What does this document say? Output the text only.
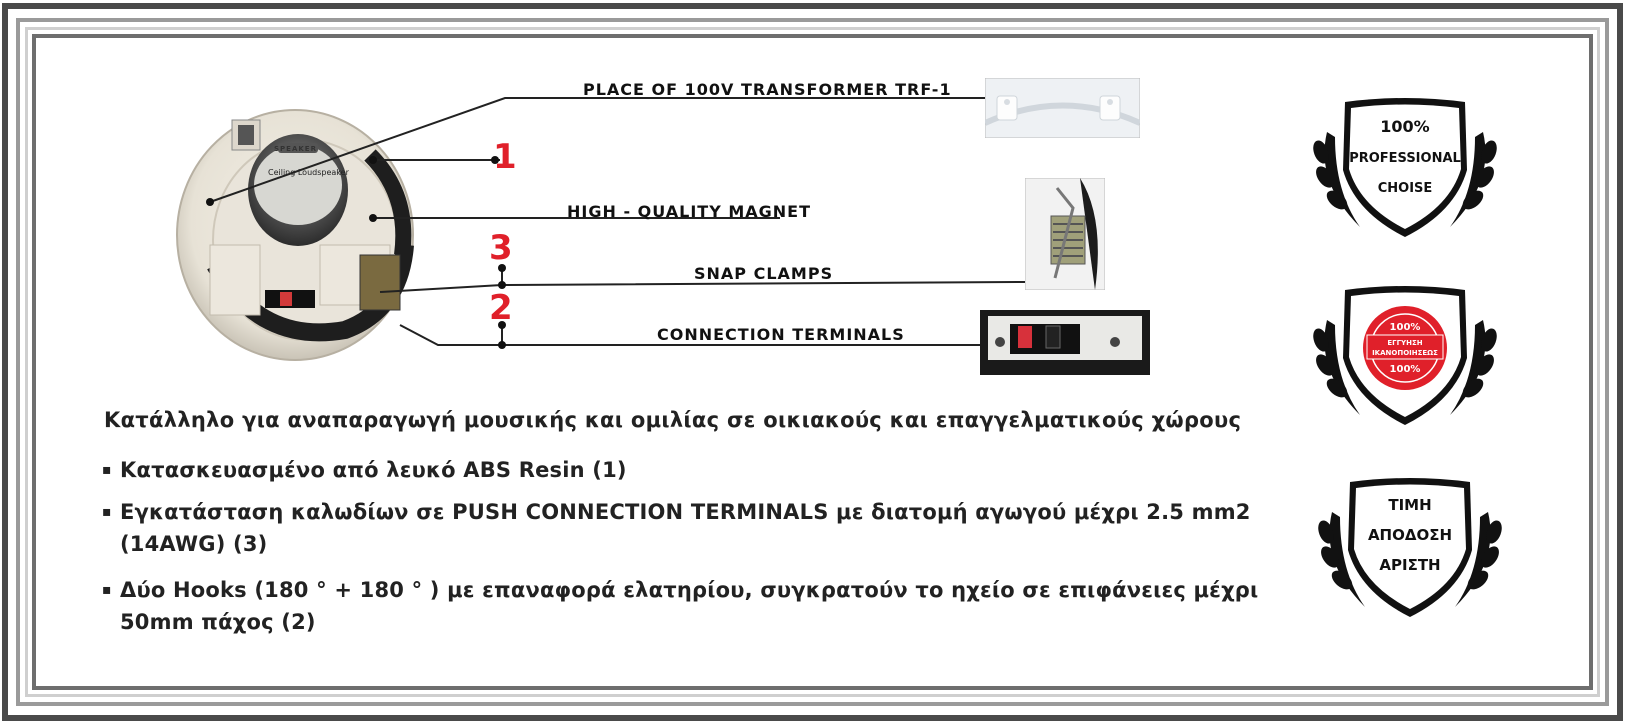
SPEAKER
Ceiling Loudspeaker
PLACE OF 100V TRANSFORMER TRF-1
HIGH - QUALITY MAGNET
SNAP CLAMPS
CONNECTION TERMINALS
1
3
2
Κατάλληλο για αναπαραγωγή μουσικής και ομιλίας σε οικιακούς και επαγγελματικούς χώρους
▪ Κατασκευασμένο από λευκό ABS Resin (1)
▪ Εγκατάσταση καλωδίων σε PUSH CONNECTION TERMINALS με διατομή αγωγού μέχρι 2.5 mm2 (14AWG) (3)
▪ Δύο Hooks (180 ° + 180 ° ) με επαναφορά ελατηρίου, συγκρατούν το ηχείο σε επιφάνειες μέχρι 50mm πάχος (2)
100%
PROFESSIONAL
CHOISE
100%
ΕΓΓΥΗΣΗ
ΙΚΑΝΟΠΟΙΗΣΕΩΣ
100%
ΤΙΜΗ
ΑΠΟΔΟΣΗ
ΑΡΙΣΤΗ
